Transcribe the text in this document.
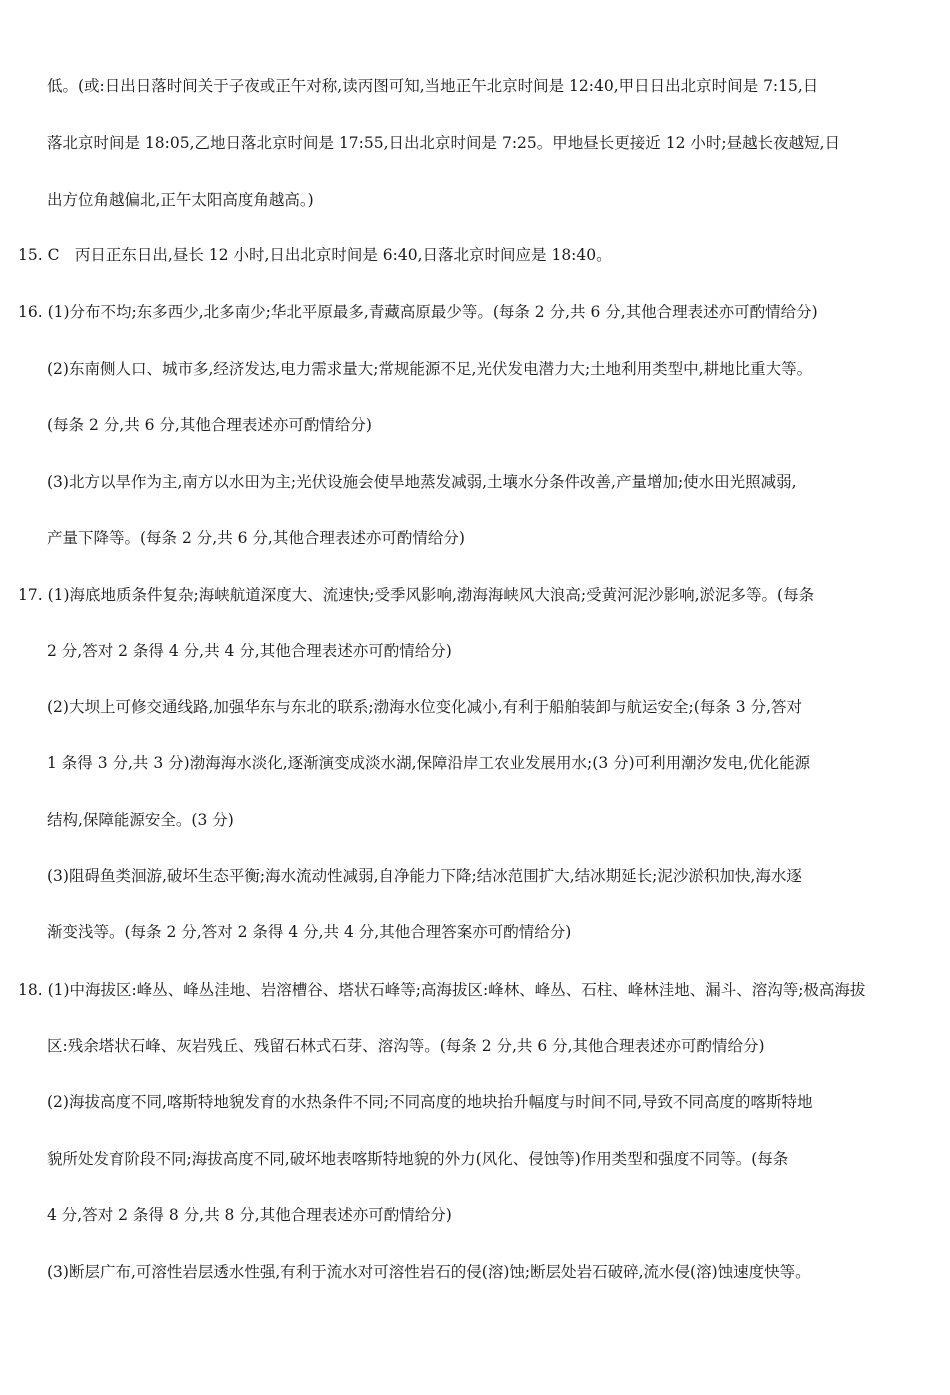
低。(或:日出日落时间关于子夜或正午对称,读丙图可知,当地正午北京时间是 12:40,甲日日出北京时间是 7:15,日
落北京时间是 18:05,乙地日落北京时间是 17:55,日出北京时间是 7:25。甲地昼长更接近 12 小时;昼越长夜越短,日
出方位角越偏北,正午太阳高度角越高。)
15. C　丙日正东日出,昼长 12 小时,日出北京时间是 6:40,日落北京时间应是 18:40。
16. (1)分布不均;东多西少,北多南少;华北平原最多,青藏高原最少等。(每条 2 分,共 6 分,其他合理表述亦可酌情给分)
(2)东南侧人口、城市多,经济发达,电力需求量大;常规能源不足,光伏发电潜力大;土地利用类型中,耕地比重大等。
(每条 2 分,共 6 分,其他合理表述亦可酌情给分)
(3)北方以旱作为主,南方以水田为主;光伏设施会使旱地蒸发减弱,土壤水分条件改善,产量增加;使水田光照减弱,
产量下降等。(每条 2 分,共 6 分,其他合理表述亦可酌情给分)
17. (1)海底地质条件复杂;海峡航道深度大、流速快;受季风影响,渤海海峡风大浪高;受黄河泥沙影响,淤泥多等。(每条
2 分,答对 2 条得 4 分,共 4 分,其他合理表述亦可酌情给分)
(2)大坝上可修交通线路,加强华东与东北的联系;渤海水位变化减小,有利于船舶装卸与航运安全;(每条 3 分,答对
1 条得 3 分,共 3 分)渤海海水淡化,逐渐演变成淡水湖,保障沿岸工农业发展用水;(3 分)可利用潮汐发电,优化能源
结构,保障能源安全。(3 分)
(3)阻碍鱼类洄游,破坏生态平衡;海水流动性减弱,自净能力下降;结冰范围扩大,结冰期延长;泥沙淤积加快,海水逐
渐变浅等。(每条 2 分,答对 2 条得 4 分,共 4 分,其他合理答案亦可酌情给分)
18. (1)中海拔区:峰丛、峰丛洼地、岩溶槽谷、塔状石峰等;高海拔区:峰林、峰丛、石柱、峰林洼地、漏斗、溶沟等;极高海拔
区:残余塔状石峰、灰岩残丘、残留石林式石芽、溶沟等。(每条 2 分,共 6 分,其他合理表述亦可酌情给分)
(2)海拔高度不同,喀斯特地貌发育的水热条件不同;不同高度的地块抬升幅度与时间不同,导致不同高度的喀斯特地
貌所处发育阶段不同;海拔高度不同,破坏地表喀斯特地貌的外力(风化、侵蚀等)作用类型和强度不同等。(每条
4 分,答对 2 条得 8 分,共 8 分,其他合理表述亦可酌情给分)
(3)断层广布,可溶性岩层透水性强,有利于流水对可溶性岩石的侵(溶)蚀;断层处岩石破碎,流水侵(溶)蚀速度快等。
